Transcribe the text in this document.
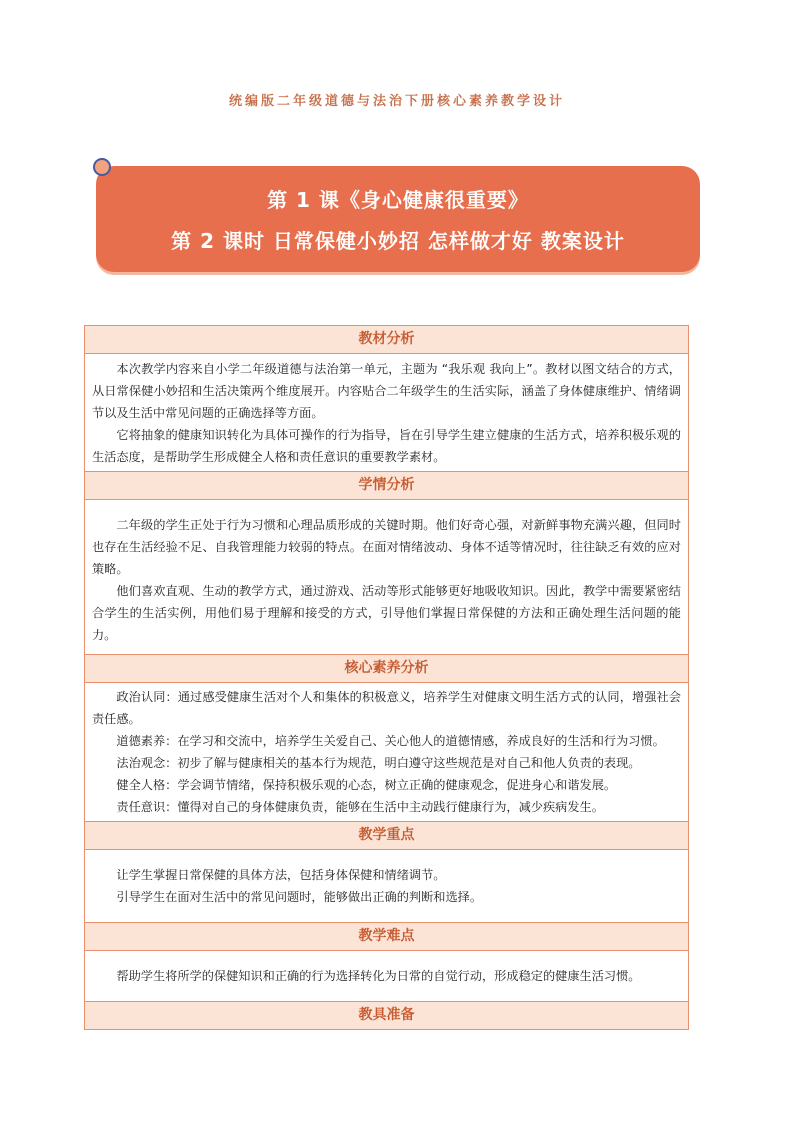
统编版二年级道德与法治下册核心素养教学设计
第 1 课《身心健康很重要》
第 2 课时 日常保健小妙招 怎样做才好 教案设计
教材分析

本次教学内容来自小学二年级道德与法治第一单元，主题为 “我乐观 我向上”。教材以图文结合的方式，从日常保健小妙招和生活决策两个维度展开。内容贴合二年级学生的生活实际，涵盖了身体健康维护、情绪调节以及生活中常见问题的正确选择等方面。

它将抽象的健康知识转化为具体可操作的行为指导，旨在引导学生建立健康的生活方式，培养积极乐观的生活态度，是帮助学生形成健全人格和责任意识的重要教学素材。

学情分析

二年级的学生正处于行为习惯和心理品质形成的关键时期。他们好奇心强，对新鲜事物充满兴趣，但同时也存在生活经验不足、自我管理能力较弱的特点。在面对情绪波动、身体不适等情况时，往往缺乏有效的应对策略。

他们喜欢直观、生动的教学方式，通过游戏、活动等形式能够更好地吸收知识。因此，教学中需要紧密结合学生的生活实例，用他们易于理解和接受的方式，引导他们掌握日常保健的方法和正确处理生活问题的能力。

核心素养分析

政治认同：通过感受健康生活对个人和集体的积极意义，培养学生对健康文明生活方式的认同，增强社会责任感。

道德素养：在学习和交流中，培养学生关爱自己、关心他人的道德情感，养成良好的生活和行为习惯。

法治观念：初步了解与健康相关的基本行为规范，明白遵守这些规范是对自己和他人负责的表现。

健全人格：学会调节情绪，保持积极乐观的心态，树立正确的健康观念，促进身心和谐发展。

责任意识：懂得对自己的身体健康负责，能够在生活中主动践行健康行为，减少疾病发生。

教学重点

让学生掌握日常保健的具体方法，包括身体保健和情绪调节。

引导学生在面对生活中的常见问题时，能够做出正确的判断和选择。

教学难点

帮助学生将所学的保健知识和正确的行为选择转化为日常的自觉行动，形成稳定的健康生活习惯。

教具准备
